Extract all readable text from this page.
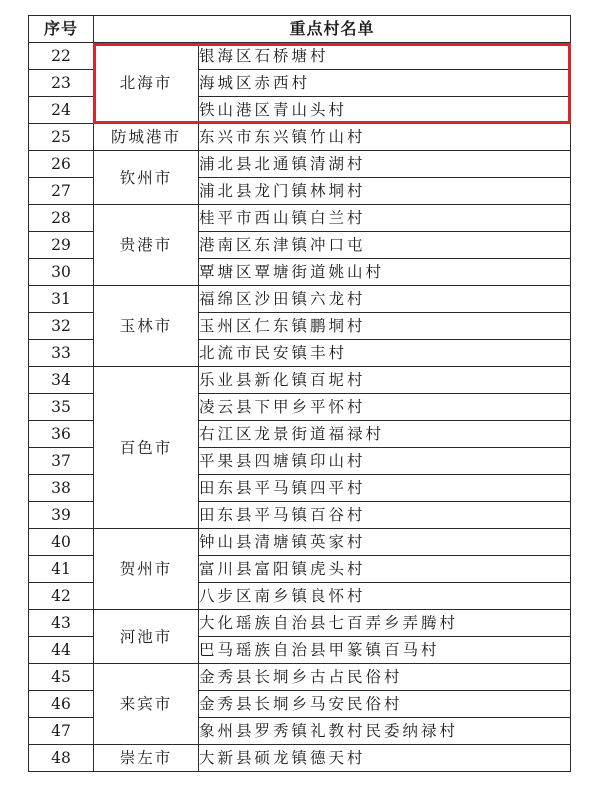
序号	重点村名单	
22	北海市	银海区石桥塘村
23		海城区赤西村
24		铁山港区青山头村
25	防城港市	东兴市东兴镇竹山村
26	钦州市	浦北县北通镇清湖村
27		浦北县龙门镇林垌村
28	贵港市	桂平市西山镇白兰村
29		港南区东津镇冲口屯
30		覃塘区覃塘街道姚山村
31	玉林市	福绵区沙田镇六龙村
32		玉州区仁东镇鹏垌村
33		北流市民安镇丰村
34	百色市	乐业县新化镇百坭村
35		凌云县下甲乡平怀村
36		右江区龙景街道福禄村
37		平果县四塘镇印山村
38		田东县平马镇四平村
39		田东县平马镇百谷村
40	贺州市	钟山县清塘镇英家村
41		富川县富阳镇虎头村
42		八步区南乡镇良怀村
43	河池市	大化瑶族自治县七百弄乡弄腾村
44		巴马瑶族自治县甲篆镇百马村
45	来宾市	金秀县长垌乡古占民俗村
46		金秀县长垌乡马安民俗村
47		象州县罗秀镇礼教村民委纳禄村
48	崇左市	大新县硕龙镇德天村
